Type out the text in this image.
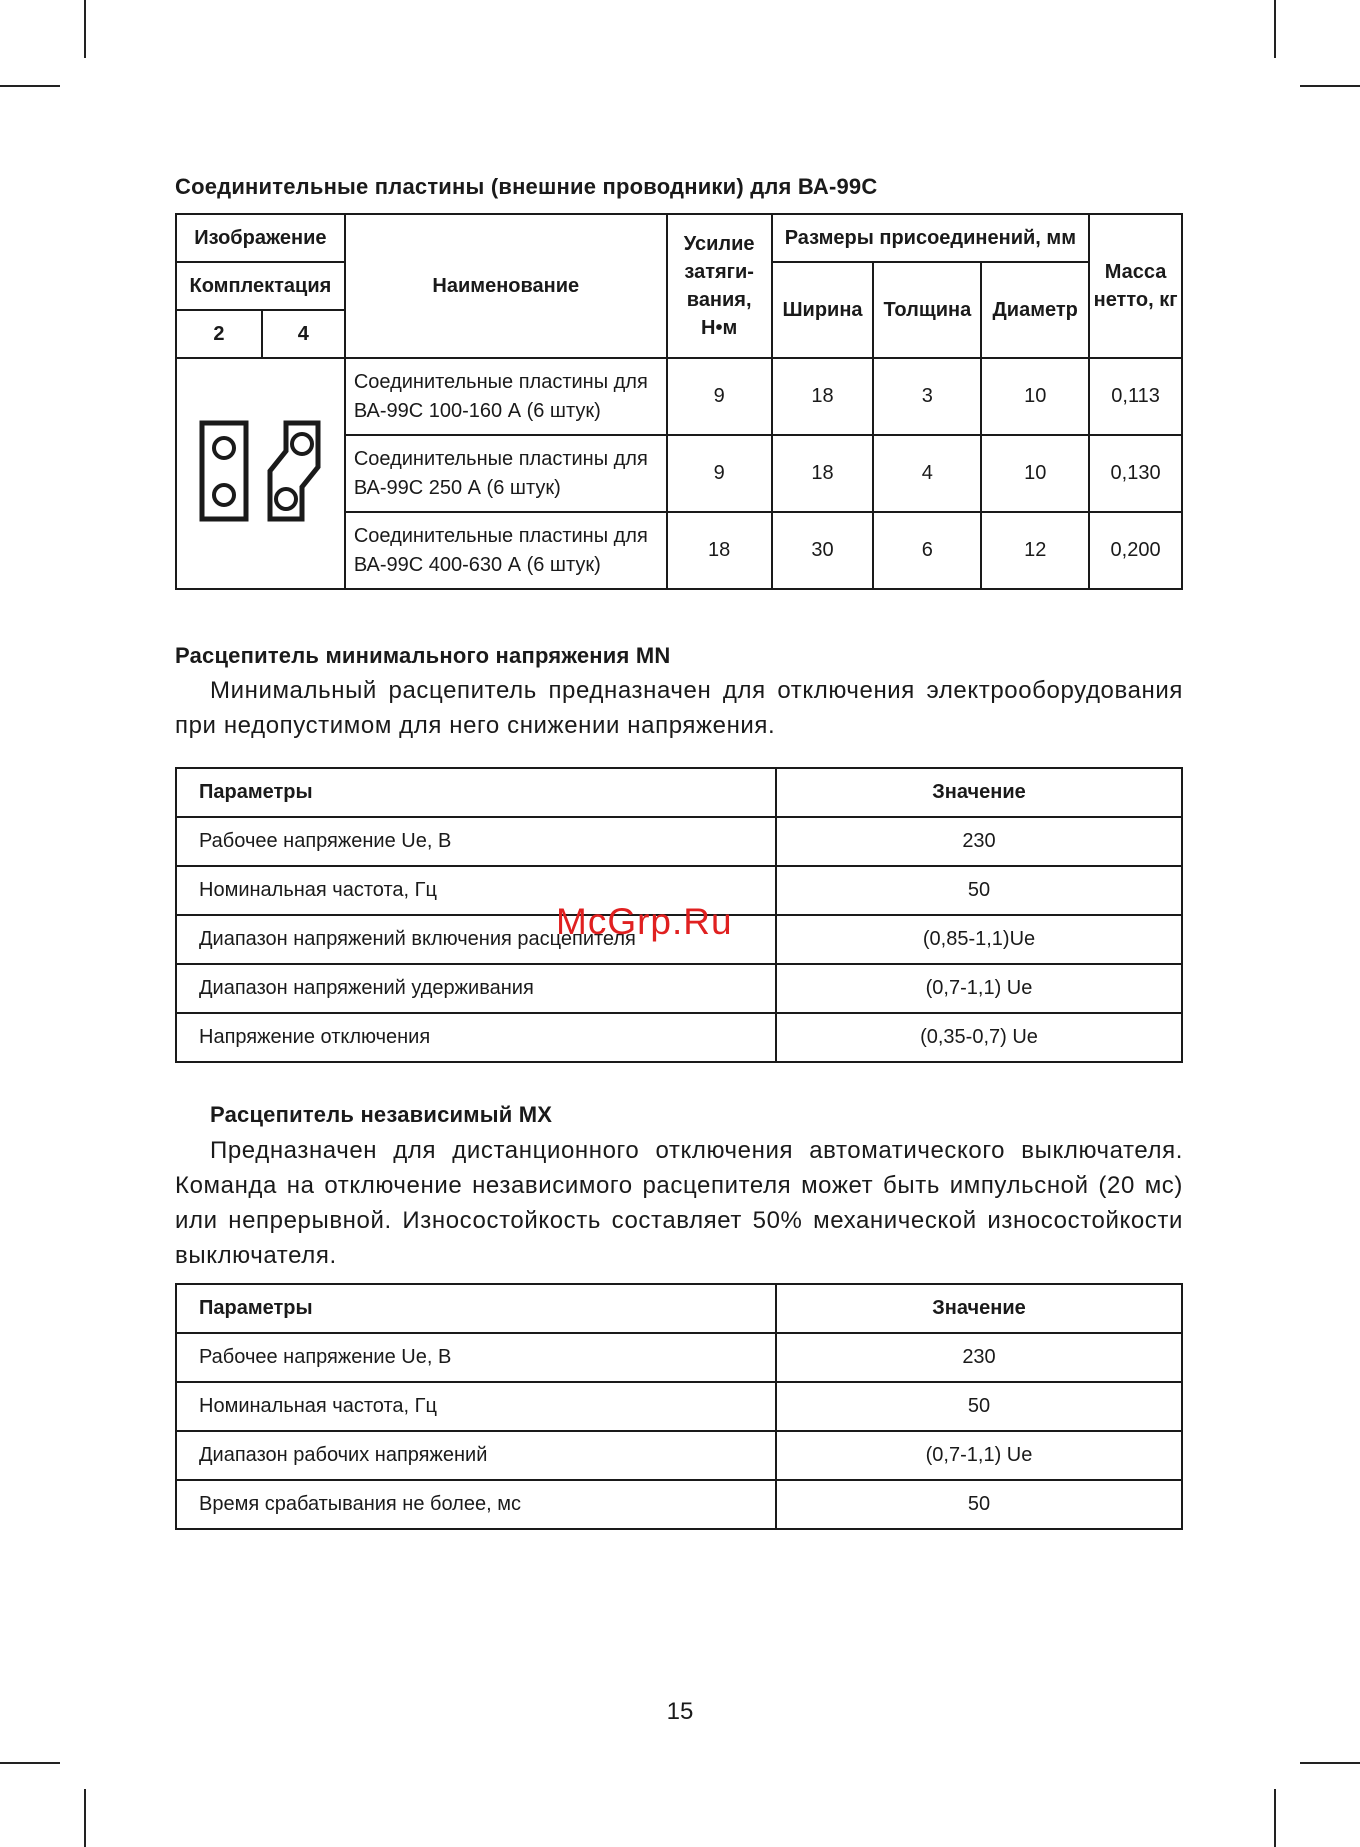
Соединительные пластины (внешние проводники) для ВА-99С
Изображение		Наименование	Усилие затяги-вания, Н•м	Размеры присоединений, мм			Масса нетто, кг
Комплектация				Ширина	Толщина	Диаметр	
2	4						
	Соединительные пластины для ВА-99С 100-160 А (6 штук)	9	18	3	10	0,113
		Соединительные пластины для ВА-99С 250 А (6 штук)	9	18	4	10	0,130
		Соединительные пластины для ВА-99С 400-630 А (6 штук)	18	30	6	12	0,200
Расцепитель минимального напряжения MN
Минимальный расцепитель предназначен для отключения электрооборудования при недопустимом для него снижении напряжения.
Параметры	Значение
Рабочее напряжение Ue, В	230
Номинальная частота, Гц	50
Диапазон напряжений включения расцепителя	(0,85-1,1)Ue
Диапазон напряжений удерживания	(0,7-1,1) Ue
Напряжение отключения	(0,35-0,7) Ue
McGrp.Ru
Расцепитель независимый MX
Предназначен для дистанционного отключения автоматического выключателя. Команда на отключение независимого расцепителя может быть импульсной (20 мс) или непрерывной. Износостойкость составляет 50% механической износостойкости выключателя.
Параметры	Значение
Рабочее напряжение Ue, В	230
Номинальная частота, Гц	50
Диапазон рабочих напряжений	(0,7-1,1) Ue
Время срабатывания не более, мс	50
15
